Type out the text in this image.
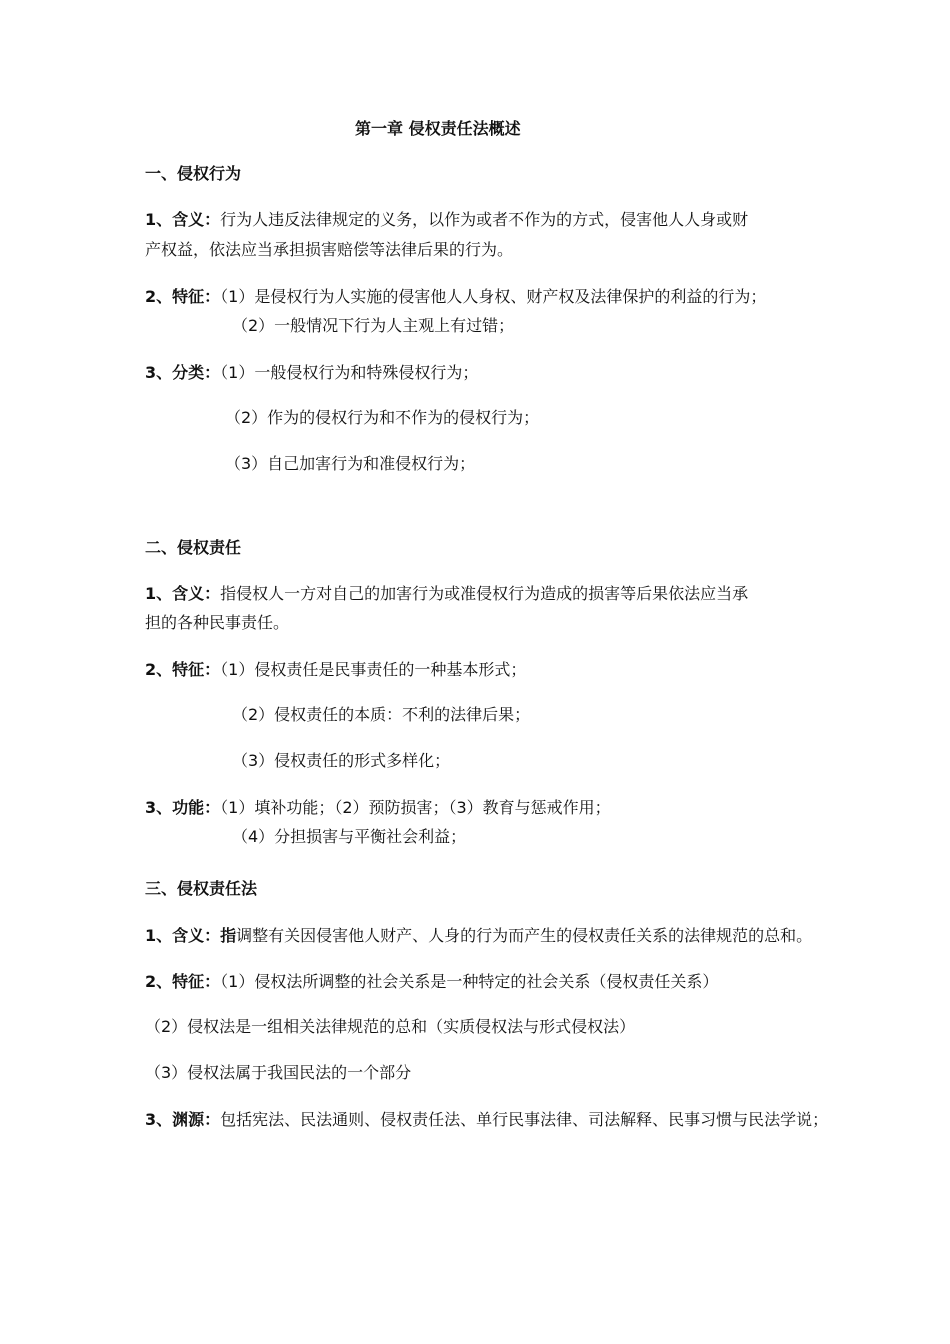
第一章 侵权责任法概述
一、侵权行为
1、含义：行为人违反法律规定的义务，以作为或者不作为的方式，侵害他人人身或财
产权益，依法应当承担损害赔偿等法律后果的行为。
2、特征：（1）是侵权行为人实施的侵害他人人身权、财产权及法律保护的利益的行为；
（2）一般情况下行为人主观上有过错；
3、分类：（1）一般侵权行为和特殊侵权行为；
（2）作为的侵权行为和不作为的侵权行为；
（3）自己加害行为和准侵权行为；
二、侵权责任
1、含义：指侵权人一方对自己的加害行为或准侵权行为造成的损害等后果依法应当承
担的各种民事责任。
2、特征：（1）侵权责任是民事责任的一种基本形式；
（2）侵权责任的本质：不利的法律后果；
（3）侵权责任的形式多样化；
3、功能：（1）填补功能；（2）预防损害；（3）教育与惩戒作用；
（4）分担损害与平衡社会利益；
三、侵权责任法
1、含义：指调整有关因侵害他人财产、人身的行为而产生的侵权责任关系的法律规范的总和。
2、特征：（1）侵权法所调整的社会关系是一种特定的社会关系（侵权责任关系）
（2）侵权法是一组相关法律规范的总和（实质侵权法与形式侵权法）
（3）侵权法属于我国民法的一个部分
3、渊源：包括宪法、民法通则、侵权责任法、单行民事法律、司法解释、民事习惯与民法学说；
